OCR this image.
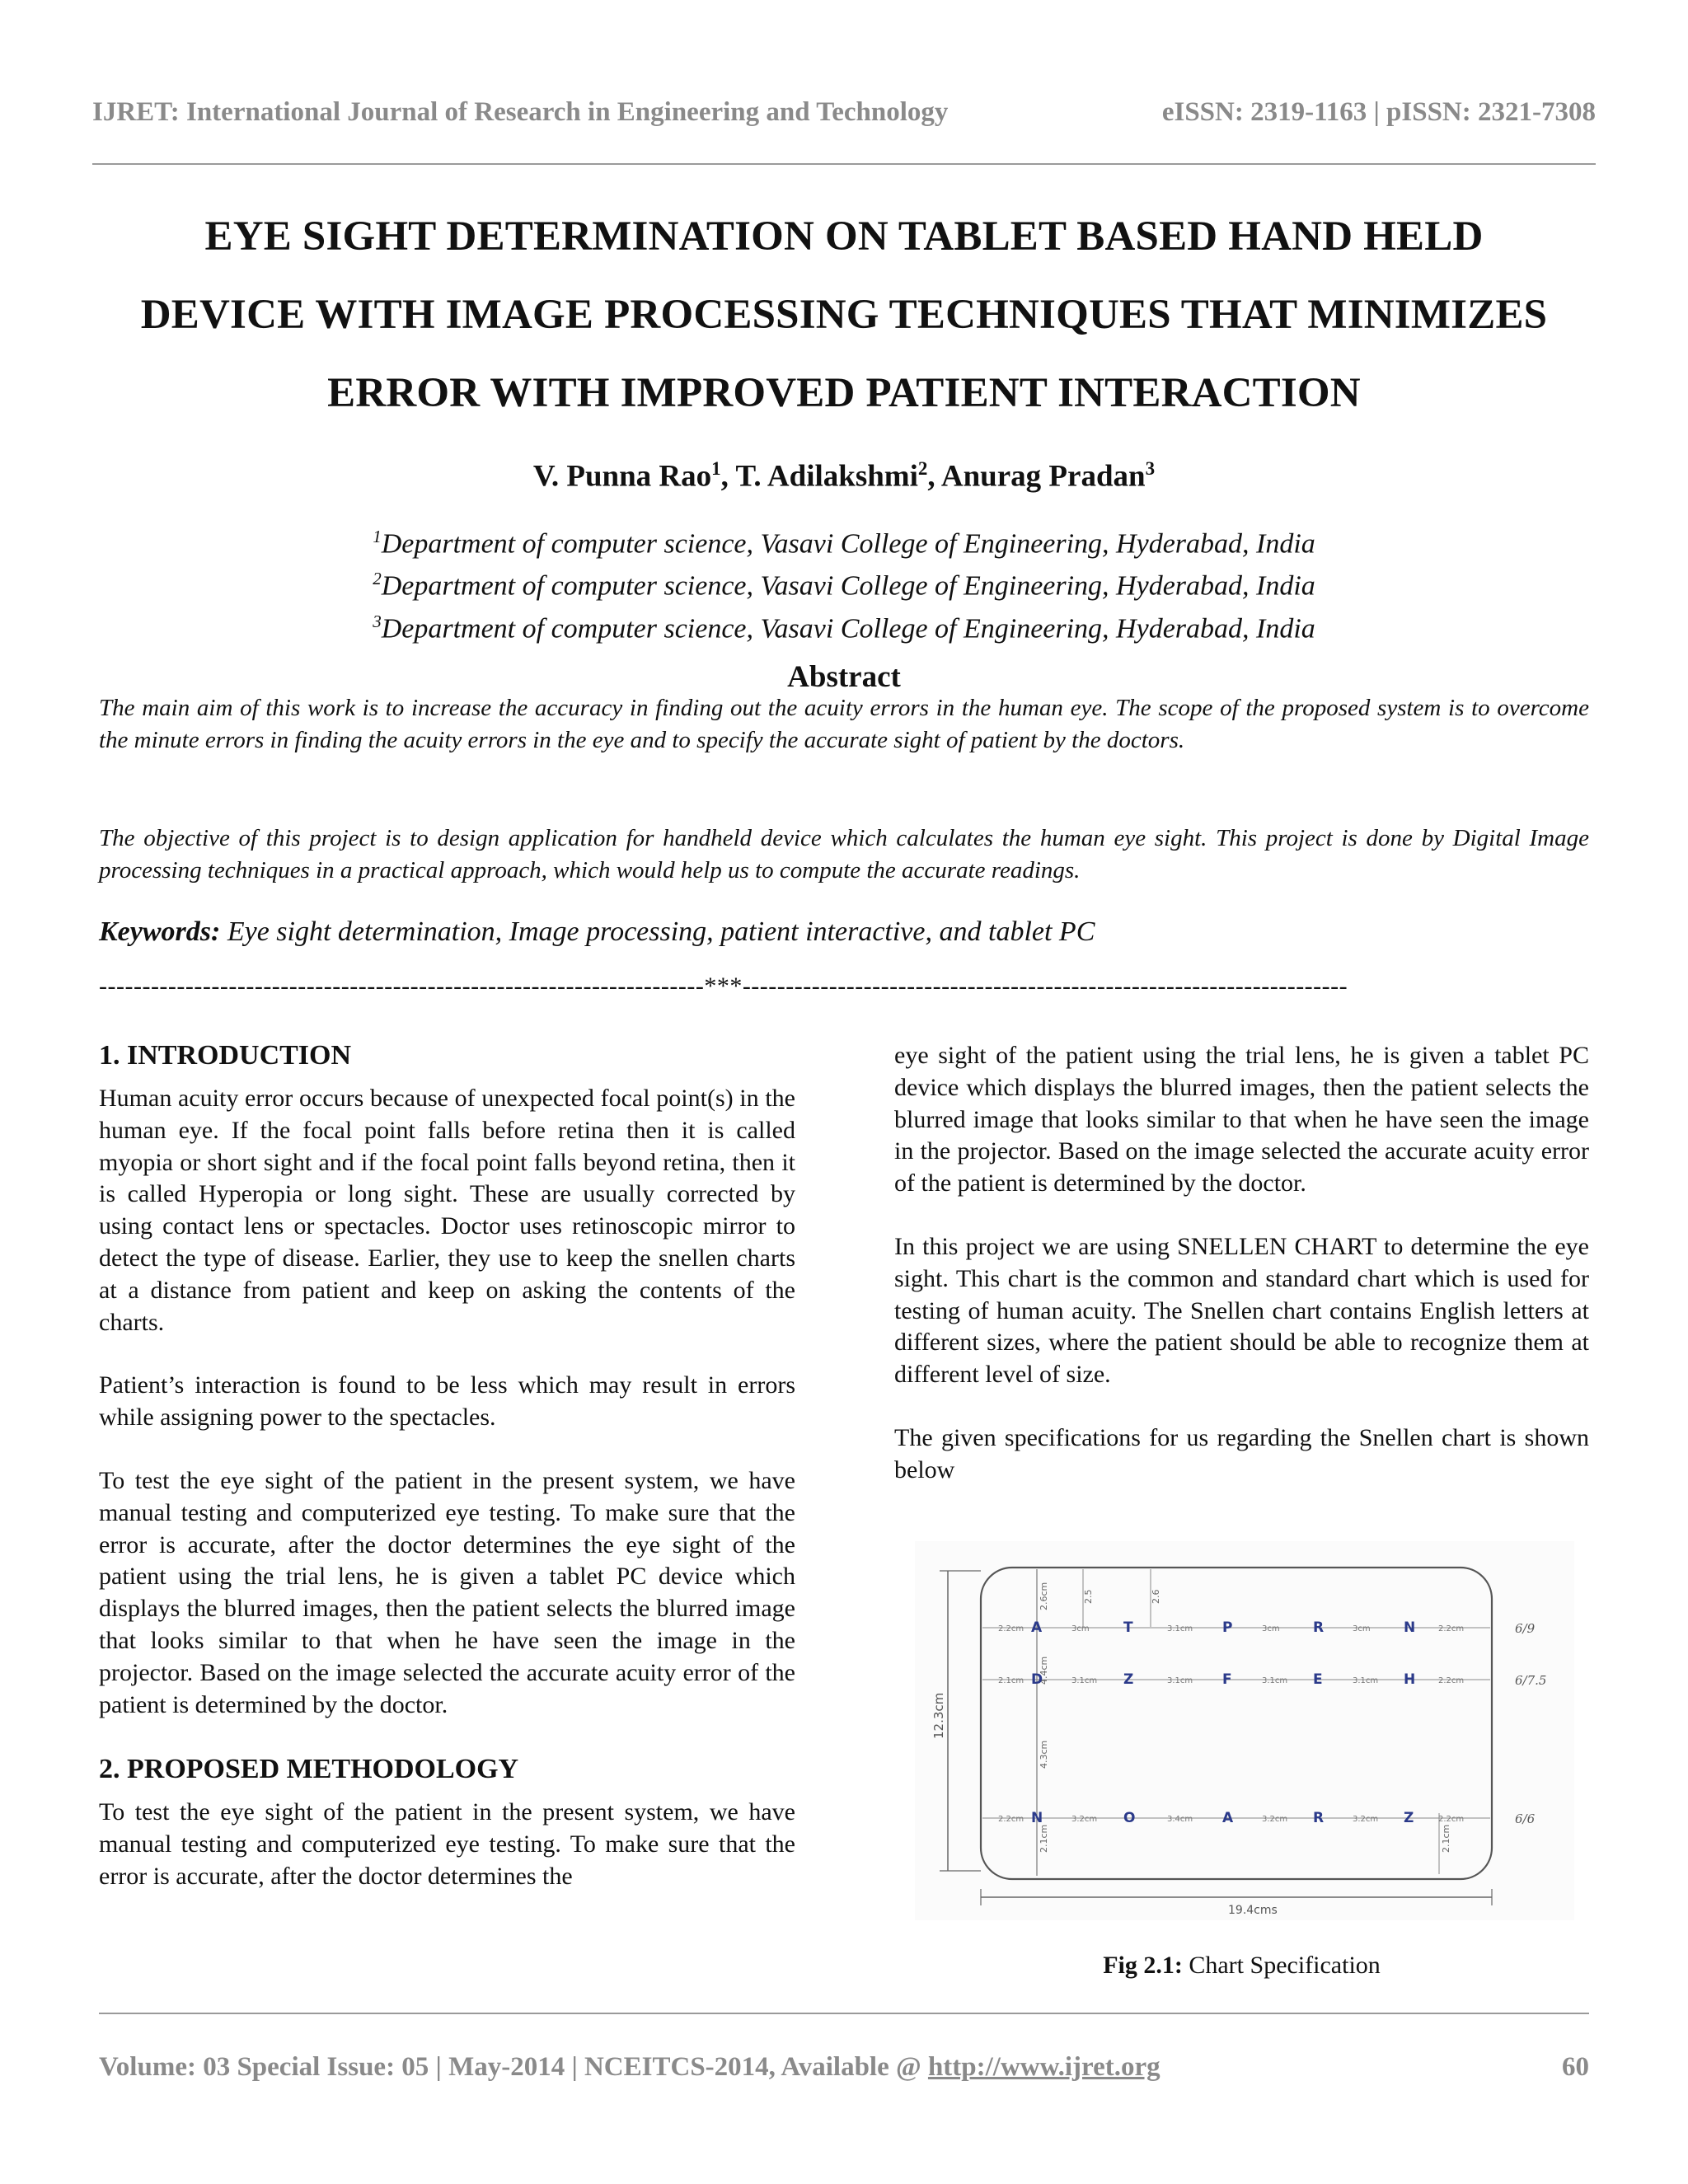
IJRET: International Journal of Research in Engineering and Technology	eISSN: 2319-1163 | pISSN: 2321-7308
EYE SIGHT DETERMINATION ON TABLET BASED HAND HELD
DEVICE WITH IMAGE PROCESSING TECHNIQUES THAT MINIMIZES
ERROR WITH IMPROVED PATIENT INTERACTION
V. Punna Rao$^1$, T. Adilakshmi$^2$, Anurag Pradan$^3$
$^1$Department of computer science, Vasavi College of Engineering, Hyderabad, India
$^2$Department of computer science, Vasavi College of Engineering, Hyderabad, India
$^3$Department of computer science, Vasavi College of Engineering, Hyderabad, India
Abstract
The main aim of this work is to increase the accuracy in finding out the acuity errors in the human eye. The scope of the proposed system is to overcome the minute errors in finding the acuity errors in the eye and to specify the accurate sight of patient by the doctors.
The objective of this project is to design application for handheld device which calculates the human eye sight. This project is done by Digital Image processing techniques in a practical approach, which would help us to compute the accurate readings.
Keywords: Eye sight determination, Image processing, patient interactive, and tablet PC
----------------------------------------------------------------------***----------------------------------------------------------------------
1. INTRODUCTION

Human acuity error occurs because of unexpected focal point(s) in the human eye. If the focal point falls before retina then it is called myopia or short sight and if the focal point falls beyond retina, then it is called Hyperopia or long sight. These are usually corrected by using contact lens or spectacles. Doctor uses retinoscopic mirror to detect the type of disease. Earlier, they use to keep the snellen charts at a distance from patient and keep on asking the contents of the charts.

Patient’s interaction is found to be less which may result in errors while assigning power to the spectacles.

To test the eye sight of the patient in the present system, we have manual testing and computerized eye testing. To make sure that the error is accurate, after the doctor determines the eye sight of the patient using the trial lens, he is given a tablet PC device which displays the blurred images, then the patient selects the blurred image that looks similar to that when he have seen the image in the projector. Based on the image selected the accurate acuity error of the patient is determined by the doctor.

2. PROPOSED METHODOLOGY

To test the eye sight of the patient in the present system, we have manual testing and computerized eye testing. To make sure that the error is accurate, after the doctor determines the

eye sight of the patient using the trial lens, he is given a tablet PC device which displays the blurred images, then the patient selects the blurred image that looks similar to that when he have seen the image in the projector. Based on the image selected the accurate acuity error of the patient is determined by the doctor.

In this project we are using SNELLEN CHART to determine the eye sight. This chart is the common and standard chart which is used for testing of human acuity. The Snellen chart contains English letters at different sizes, where the patient should be able to recognize them at different level of size.

The given specifications for us regarding the Snellen chart is shown below

12.3cm
19.4cms
2.6cm	2.5	2.6
4.4cm
4.3cm
2.1cm	2.1cm
2.2cm	3cm	3.1cm	3cm	3cm	2.2cm
A	T	P	R	N	6/9
2.1cm	3.1cm	3.1cm	3.1cm	3.1cm	2.2cm
D	Z	F	E	H	6/7.5
2.2cm	3.2cm	3.4cm	3.2cm	3.2cm	2.2cm
N	O	A	R	Z	6/6
Fig 2.1: Chart Specification
Volume: 03 Special Issue: 05 | May-2014 | NCEITCS-2014, Available @ http://www.ijret.org	60
